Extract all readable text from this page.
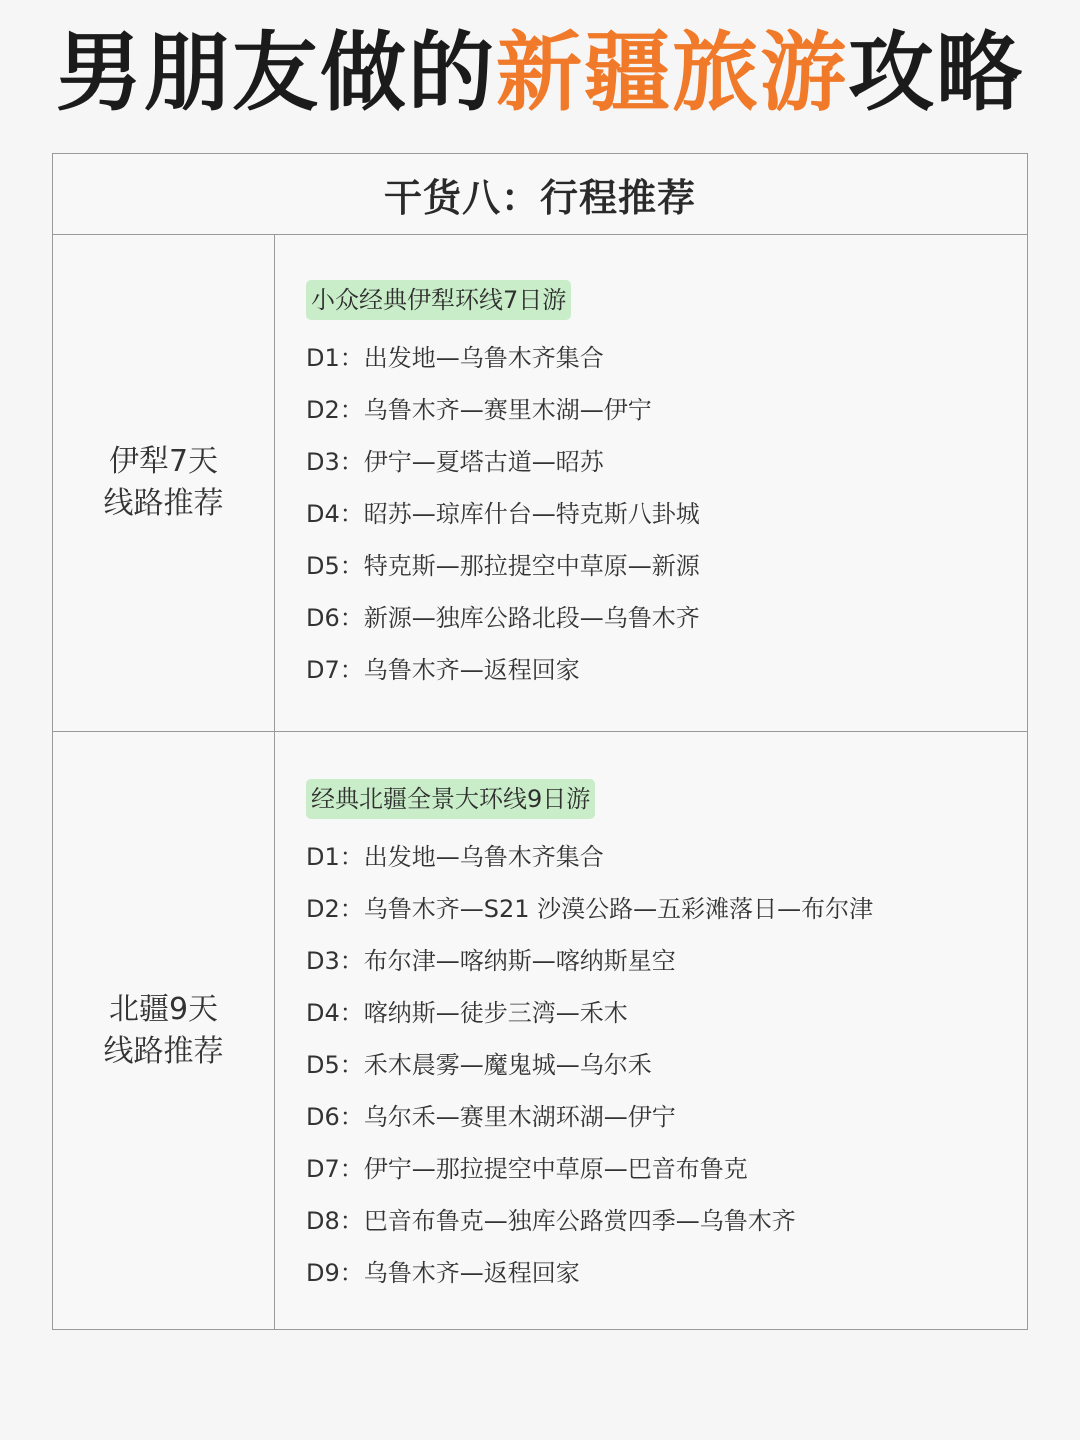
男朋友做的新疆旅游攻略
干货八：行程推荐
伊犁7天
线路推荐
小众经典伊犁环线7日游
D1：出发地—乌鲁木齐集合
D2：乌鲁木齐—赛里木湖—伊宁
D3：伊宁—夏塔古道—昭苏
D4：昭苏—琼库什台—特克斯八卦城
D5：特克斯—那拉提空中草原—新源
D6：新源—独库公路北段—乌鲁木齐
D7：乌鲁木齐—返程回家
北疆9天
线路推荐
经典北疆全景大环线9日游
D1：出发地—乌鲁木齐集合
D2：乌鲁木齐—S21 沙漠公路—五彩滩落日—布尔津
D3：布尔津—喀纳斯—喀纳斯星空
D4：喀纳斯—徒步三湾—禾木
D5：禾木晨雾—魔鬼城—乌尔禾
D6：乌尔禾—赛里木湖环湖—伊宁
D7：伊宁—那拉提空中草原—巴音布鲁克
D8：巴音布鲁克—独库公路赏四季—乌鲁木齐
D9：乌鲁木齐—返程回家
